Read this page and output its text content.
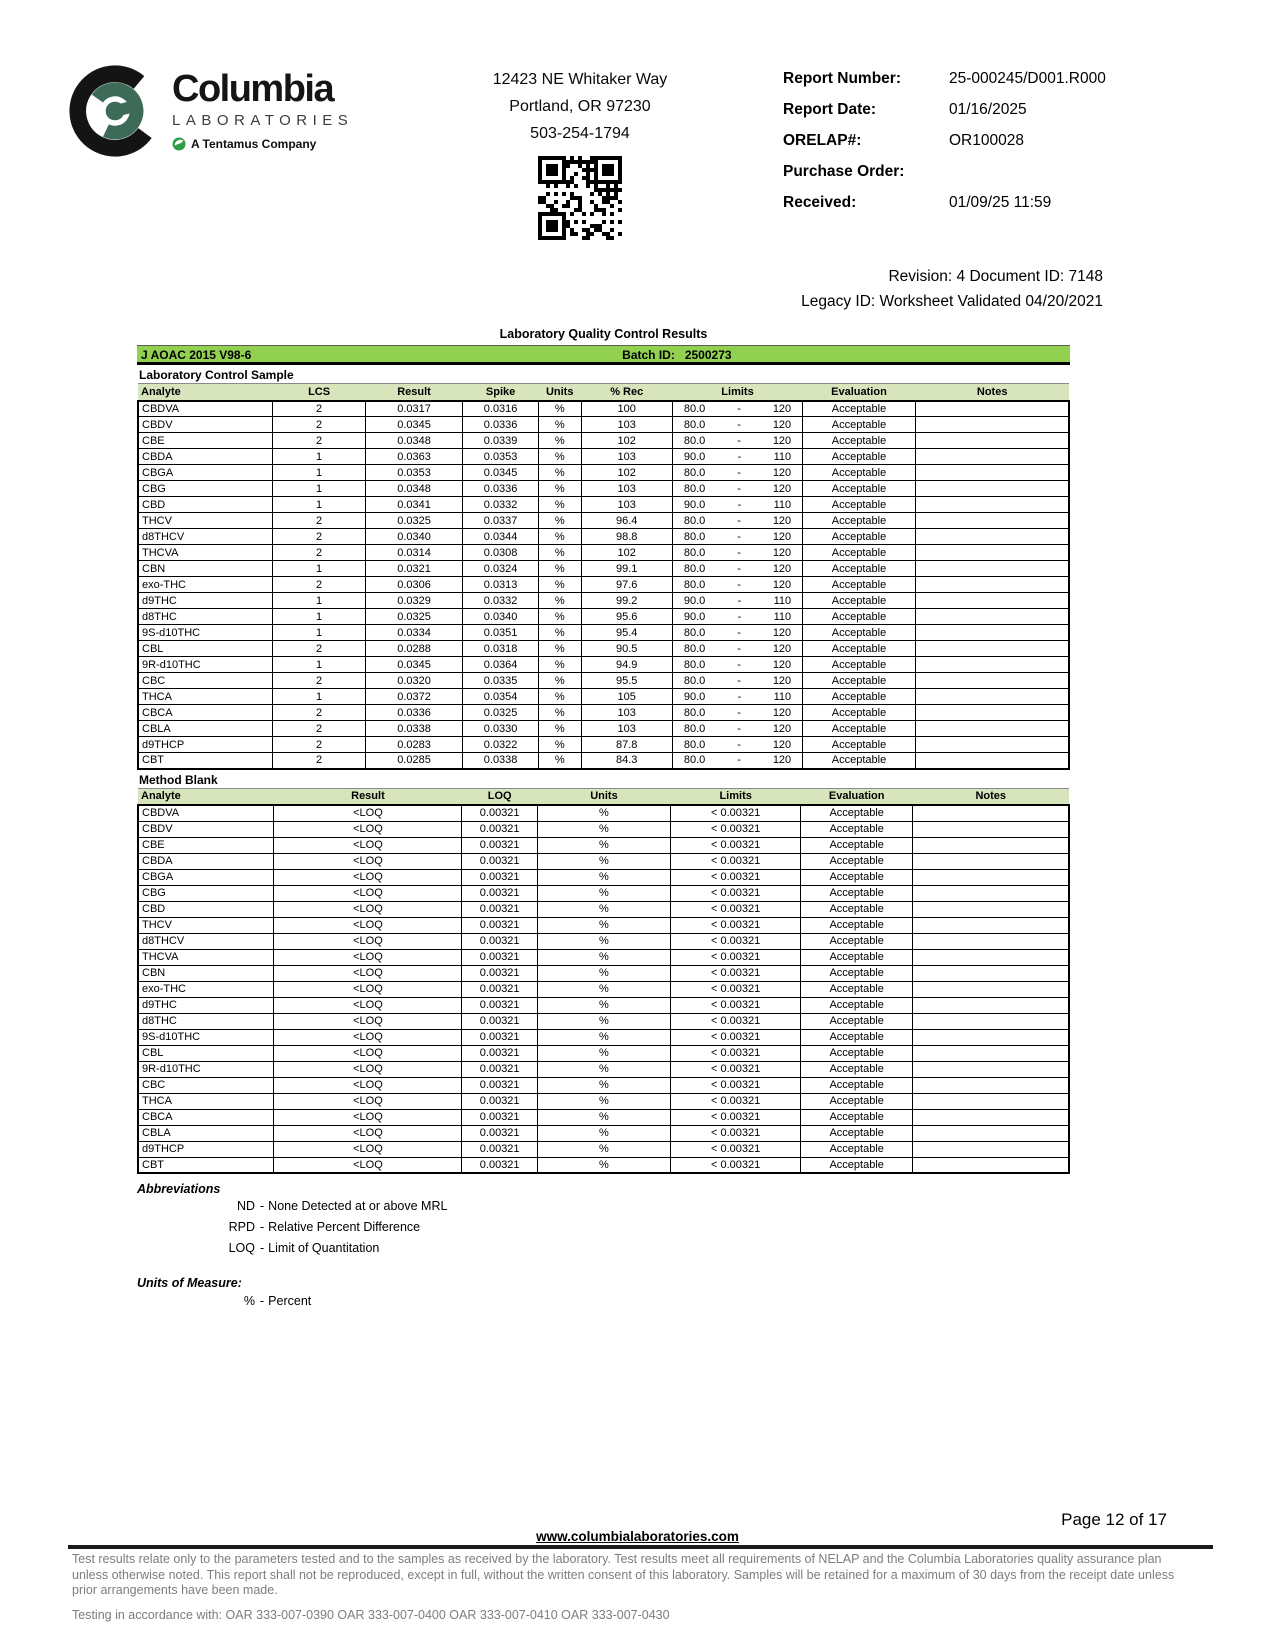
Columbia
LABORATORIES
A Tentamus Company
12423 NE Whitaker Way
Portland, OR 97230
503-254-1794
Report Number:	25-000245/D001.R000
Report Date:	01/16/2025
ORELAP#:	OR100028
Purchase Order:
Received:	01/09/25 11:59
Revision: 4 Document ID: 7148
Legacy ID: Worksheet Validated 04/20/2021
Laboratory Quality Control Results
J AOAC 2015 V98-6	Batch ID: 2500273
Laboratory Control Sample
Analyte	LCS	Result	Spike	Units	% Rec	Limits	Evaluation	Notes
CBDVA	2	0.0317	0.0316	%	100	80.0 - 120	Acceptable	
CBDV	2	0.0345	0.0336	%	103	80.0 - 120	Acceptable	
CBE	2	0.0348	0.0339	%	102	80.0 - 120	Acceptable	
CBDA	1	0.0363	0.0353	%	103	90.0 - 110	Acceptable	
CBGA	1	0.0353	0.0345	%	102	80.0 - 120	Acceptable	
CBG	1	0.0348	0.0336	%	103	80.0 - 120	Acceptable	
CBD	1	0.0341	0.0332	%	103	90.0 - 110	Acceptable	
THCV	2	0.0325	0.0337	%	96.4	80.0 - 120	Acceptable	
d8THCV	2	0.0340	0.0344	%	98.8	80.0 - 120	Acceptable	
THCVA	2	0.0314	0.0308	%	102	80.0 - 120	Acceptable	
CBN	1	0.0321	0.0324	%	99.1	80.0 - 120	Acceptable	
exo-THC	2	0.0306	0.0313	%	97.6	80.0 - 120	Acceptable	
d9THC	1	0.0329	0.0332	%	99.2	90.0 - 110	Acceptable	
d8THC	1	0.0325	0.0340	%	95.6	90.0 - 110	Acceptable	
9S-d10THC	1	0.0334	0.0351	%	95.4	80.0 - 120	Acceptable	
CBL	2	0.0288	0.0318	%	90.5	80.0 - 120	Acceptable	
9R-d10THC	1	0.0345	0.0364	%	94.9	80.0 - 120	Acceptable	
CBC	2	0.0320	0.0335	%	95.5	80.0 - 120	Acceptable	
THCA	1	0.0372	0.0354	%	105	90.0 - 110	Acceptable	
CBCA	2	0.0336	0.0325	%	103	80.0 - 120	Acceptable	
CBLA	2	0.0338	0.0330	%	103	80.0 - 120	Acceptable	
d9THCP	2	0.0283	0.0322	%	87.8	80.0 - 120	Acceptable	
CBT	2	0.0285	0.0338	%	84.3	80.0 - 120	Acceptable	
Method Blank
Analyte	Result	LOQ	Units	Limits	Evaluation	Notes
CBDVA	<LOQ	0.00321	%	< 0.00321	Acceptable	
CBDV	<LOQ	0.00321	%	< 0.00321	Acceptable	
CBE	<LOQ	0.00321	%	< 0.00321	Acceptable	
CBDA	<LOQ	0.00321	%	< 0.00321	Acceptable	
CBGA	<LOQ	0.00321	%	< 0.00321	Acceptable	
CBG	<LOQ	0.00321	%	< 0.00321	Acceptable	
CBD	<LOQ	0.00321	%	< 0.00321	Acceptable	
THCV	<LOQ	0.00321	%	< 0.00321	Acceptable	
d8THCV	<LOQ	0.00321	%	< 0.00321	Acceptable	
THCVA	<LOQ	0.00321	%	< 0.00321	Acceptable	
CBN	<LOQ	0.00321	%	< 0.00321	Acceptable	
exo-THC	<LOQ	0.00321	%	< 0.00321	Acceptable	
d9THC	<LOQ	0.00321	%	< 0.00321	Acceptable	
d8THC	<LOQ	0.00321	%	< 0.00321	Acceptable	
9S-d10THC	<LOQ	0.00321	%	< 0.00321	Acceptable	
CBL	<LOQ	0.00321	%	< 0.00321	Acceptable	
9R-d10THC	<LOQ	0.00321	%	< 0.00321	Acceptable	
CBC	<LOQ	0.00321	%	< 0.00321	Acceptable	
THCA	<LOQ	0.00321	%	< 0.00321	Acceptable	
CBCA	<LOQ	0.00321	%	< 0.00321	Acceptable	
CBLA	<LOQ	0.00321	%	< 0.00321	Acceptable	
d9THCP	<LOQ	0.00321	%	< 0.00321	Acceptable	
CBT	<LOQ	0.00321	%	< 0.00321	Acceptable	
Abbreviations
ND - None Detected at or above MRL
RPD - Relative Percent Difference
LOQ - Limit of Quantitation
Units of Measure:
% - Percent
Page 12 of 17
www.columbialaboratories.com
Test results relate only to the parameters tested and to the samples as received by the laboratory. Test results meet all requirements of NELAP and the Columbia Laboratories quality assurance plan unless otherwise noted. This report shall not be reproduced, except in full, without the written consent of this laboratory. Samples will be retained for a maximum of 30 days from the receipt date unless prior arrangements have been made.
Testing in accordance with: OAR 333-007-0390 OAR 333-007-0400 OAR 333-007-0410 OAR 333-007-0430
